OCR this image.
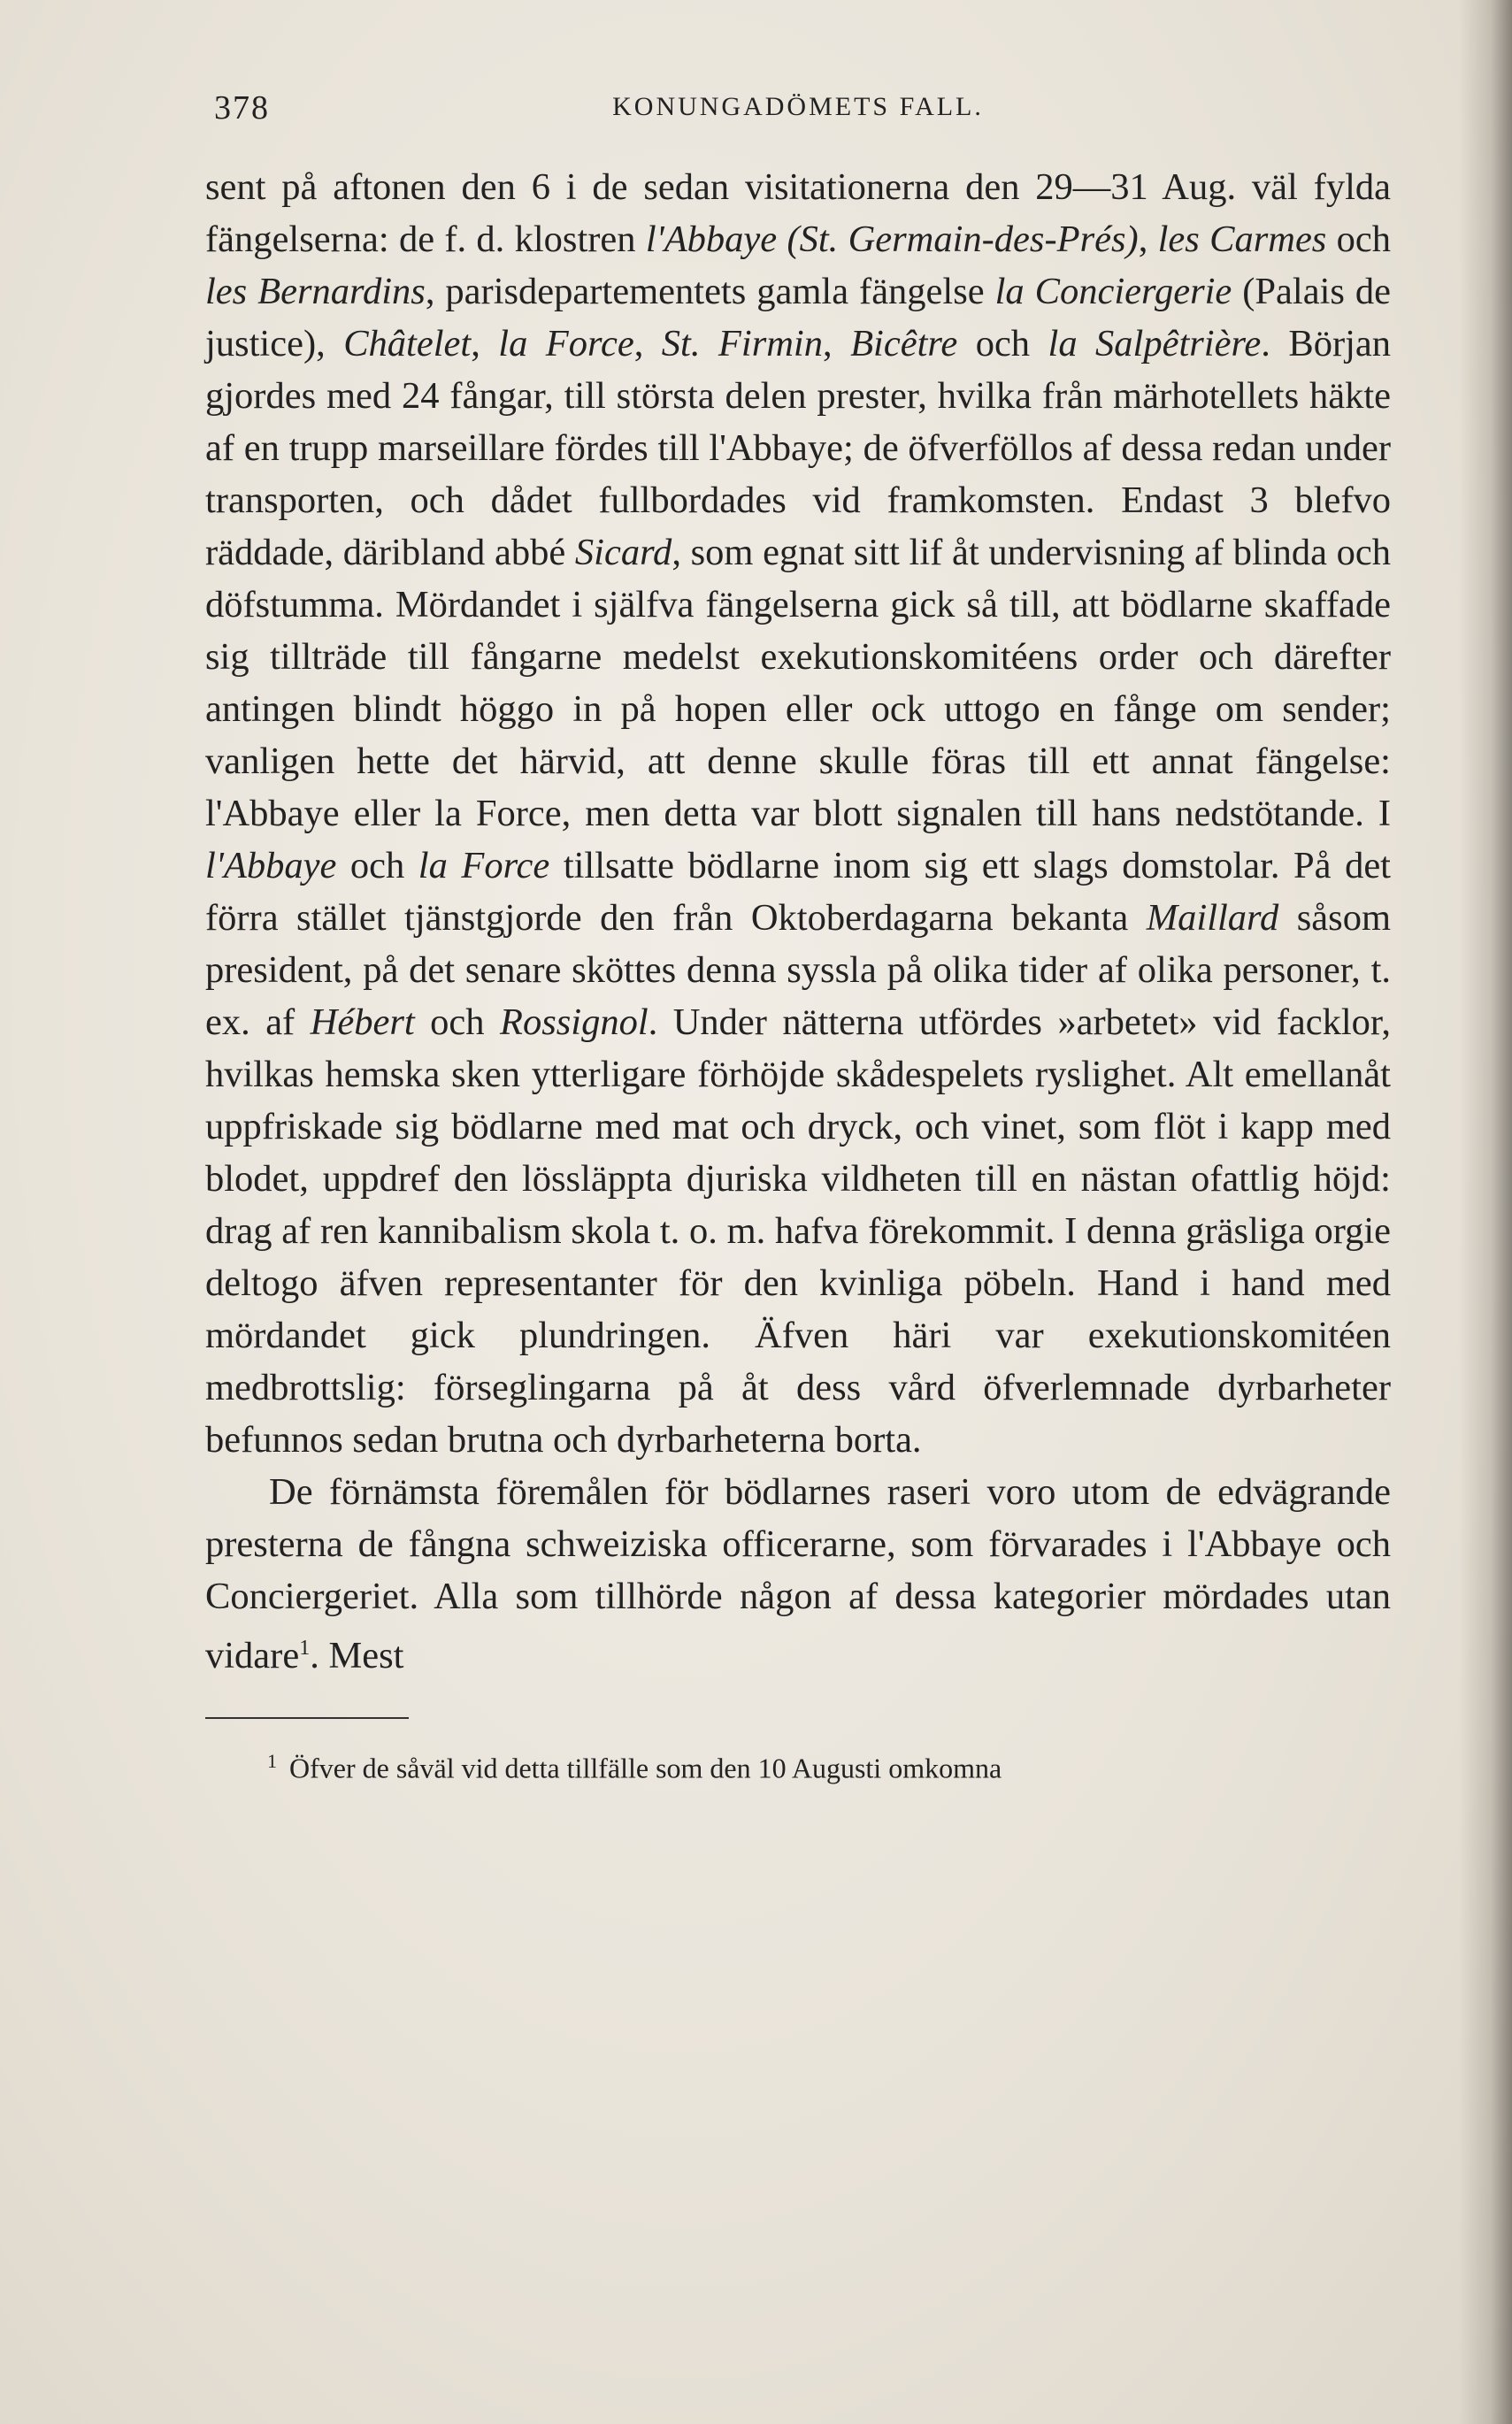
378	KONUNGADÖMETS FALL.

sent på aftonen den 6 i de sedan visitationerna den 29—31 Aug. väl fylda fängelserna: de f. d. klostren l'Abbaye (St. Germain-des-Prés), les Carmes och les Bernardins, parisdepartementets gamla fängelse la Conciergerie (Palais de justice), Châtelet, la Force, St. Firmin, Bicêtre och la Salpêtrière. Början gjordes med 24 fångar, till största delen prester, hvilka från märhotellets häkte af en trupp marseillare fördes till l'Abbaye; de öfverföllos af dessa redan under transporten, och dådet fullbordades vid framkomsten. Endast 3 blefvo räddade, däribland abbé Sicard, som egnat sitt lif åt undervisning af blinda och döfstumma. Mördandet i själfva fängelserna gick så till, att bödlarne skaffade sig tillträde till fångarne medelst exekutionskomitéens order och därefter antingen blindt höggo in på hopen eller ock uttogo en fånge om sender; vanligen hette det härvid, att denne skulle föras till ett annat fängelse: l'Abbaye eller la Force, men detta var blott signalen till hans nedstötande. I l'Abbaye och la Force tillsatte bödlarne inom sig ett slags domstolar. På det förra stället tjänstgjorde den från Oktoberdagarna bekanta Maillard såsom president, på det senare sköttes denna syssla på olika tider af olika personer, t. ex. af Hébert och Rossignol. Under nätterna utfördes »arbetet» vid facklor, hvilkas hemska sken ytterligare förhöjde skådespelets ryslighet. Alt emellanåt uppfriskade sig bödlarne med mat och dryck, och vinet, som flöt i kapp med blodet, uppdref den lössläppta djuriska vildheten till en nästan ofattlig höjd: drag af ren kannibalism skola t. o. m. hafva förekommit. I denna gräsliga orgie deltogo äfven representanter för den kvinliga pöbeln. Hand i hand med mördandet gick plundringen. Äfven häri var exekutionskomitéen medbrottslig: förseglingarna på åt dess vård öfverlemnade dyrbarheter befunnos sedan brutna och dyrbarheterna borta.

De förnämsta föremålen för bödlarnes raseri voro utom de edvägrande presterna de fångna schweiziska officerarne, som förvarades i l'Abbaye och Conciergeriet. Alla som tillhörde någon af dessa kategorier mördades utan vidare$^1$. Mest

$^1$ Öfver de såväl vid detta tillfälle som den 10 Augusti omkomna
